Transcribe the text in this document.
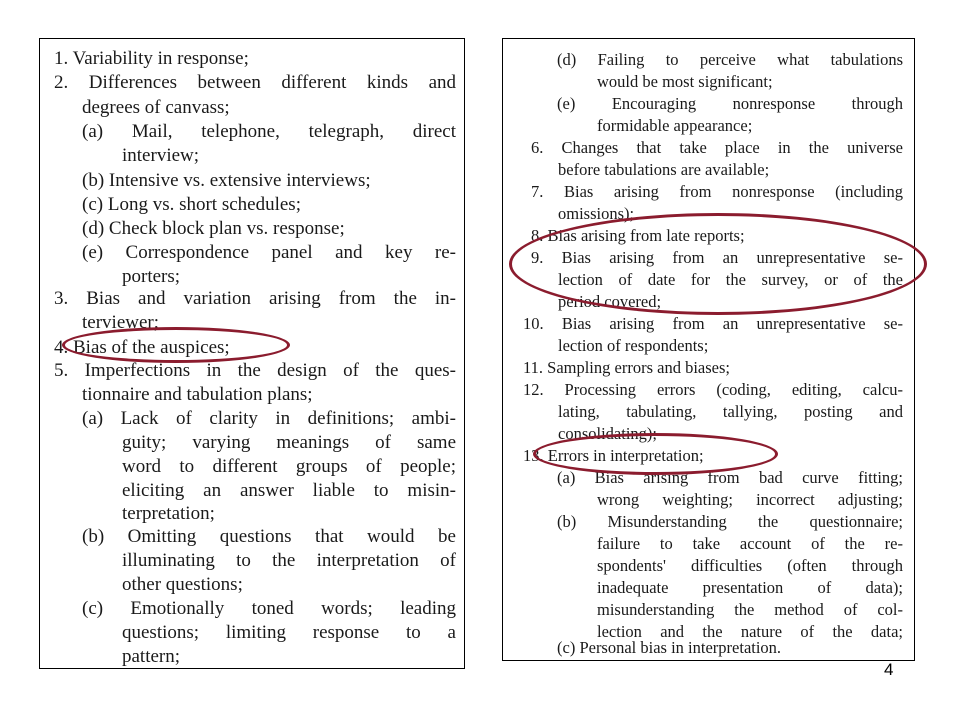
1. Variability in response;
2. Differences between different kinds and
degrees of canvass;
(a) Mail, telephone, telegraph, direct
interview;
(b) Intensive vs. extensive interviews;
(c) Long vs. short schedules;
(d) Check block plan vs. response;
(e) Correspondence panel and key re-
porters;
3. Bias and variation arising from the in-
terviewer;
4. Bias of the auspices;
5. Imperfections in the design of the ques-
tionnaire and tabulation plans;
(a) Lack of clarity in definitions; ambi-
guity; varying meanings of same
word to different groups of people;
eliciting an answer liable to misin-
terpretation;
(b) Omitting questions that would be
illuminating to the interpretation of
other questions;
(c) Emotionally toned words; leading
questions; limiting response to a
pattern;
(d) Failing to perceive what tabulations
would be most significant;
(e) Encouraging nonresponse through
formidable appearance;
6. Changes that take place in the universe
before tabulations are available;
7. Bias arising from nonresponse (including
omissions);
8. Bias arising from late reports;
9. Bias arising from an unrepresentative se-
lection of date for the survey, or of the
period covered;
10. Bias arising from an unrepresentative se-
lection of respondents;
11. Sampling errors and biases;
12. Processing errors (coding, editing, calcu-
lating, tabulating, tallying, posting and
consolidating);
13. Errors in interpretation;
(a) Bias arising from bad curve fitting;
wrong weighting; incorrect adjusting;
(b) Misunderstanding the questionnaire;
failure to take account of the re-
spondents' difficulties (often through
inadequate presentation of data);
misunderstanding the method of col-
lection and the nature of the data;
(c) Personal bias in interpretation.
4
